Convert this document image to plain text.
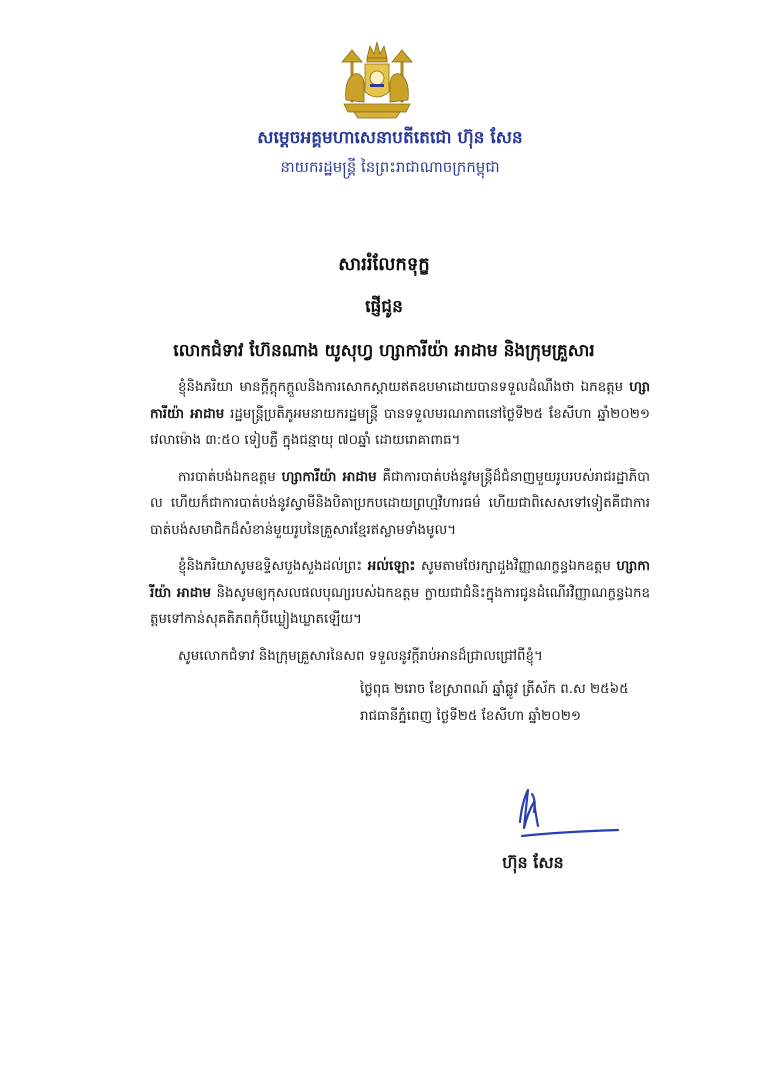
សម្តេចអគ្គមហាសេនាបតីតេជោ ហ៊ុន សែន
នាយករដ្ឋមន្ត្រី នៃព្រះរាជាណាចក្រកម្ពុជា
សាររំលែកទុក្ខ
ផ្ញើជូន
លោកជំទាវ ហ៊ែនណាង យូសុហ្វ ហ្សាការីយ៉ា អាដាម និងក្រុមគ្រួសារ

ខ្ញុំនិងភរិយា មានក្តីក្តុកក្តួលនិងការសោកស្តាយឥតឧបមាដោយបានទទួលដំណឹងថា ឯកឧត្តម ហ្សាការីយ៉ា អាដាម រដ្ឋមន្ត្រីប្រតិភូអមនាយករដ្ឋមន្ត្រី បានទទួលមរណភាពនៅថ្ងៃទី២៥ ខែសីហា ឆ្នាំ២០២១ វេលាម៉ោង ៣:៥០ ទៀបភ្លឺ ក្នុងជន្មាយុ ៧០ឆ្នាំ ដោយរោគាពាធ។

ការបាត់បង់ឯកឧត្តម ហ្សាការីយ៉ា អាដាម គឺជាការបាត់បង់នូវមន្ត្រីដ៏ជំនាញមួយរូបរបស់រាជរដ្ឋាភិបាល ហើយក៏ជាការបាត់បង់នូវស្វាមីនិងបិតាប្រកបដោយព្រហ្មវិហារធម៌ ហើយជាពិសេសទៅទៀតគឺជាការបាត់បង់សមាជិកដ៏សំខាន់មួយរូបនៃគ្រួសារខ្មែរឥស្លាមទាំងមូល។

ខ្ញុំនិងភរិយាសូមឧទ្ទិសបួងសួងដល់ព្រះ អល់ឡោះ សូមតាមថែរក្សាដួងវិញ្ញាណក្ខន្ធឯកឧត្តម ហ្សាការីយ៉ា អាដាម និងសូមឲ្យកុសលផលបុណ្យរបស់ឯកឧត្តម ក្លាយជាជំនិះក្នុងការជូនដំណើរវិញ្ញាណក្ខន្ធឯកឧត្តមទៅកាន់សុគតិភពកុំបីឃ្លៀងឃ្លាតឡើយ។

សូមលោកជំទាវ និងក្រុមគ្រួសារនៃសព ទទួលនូវក្តីរាប់អានដ៏ជ្រាលជ្រៅពីខ្ញុំ។

ថ្ងៃពុធ ២រោច ខែស្រាពណ៍ ឆ្នាំឆ្លូវ ត្រីស័ក ព.ស ២៥៦៥
រាជធានីភ្នំពេញ ថ្ងៃទី២៥ ខែសីហា ឆ្នាំ២០២១
ហ៊ុន សែន
